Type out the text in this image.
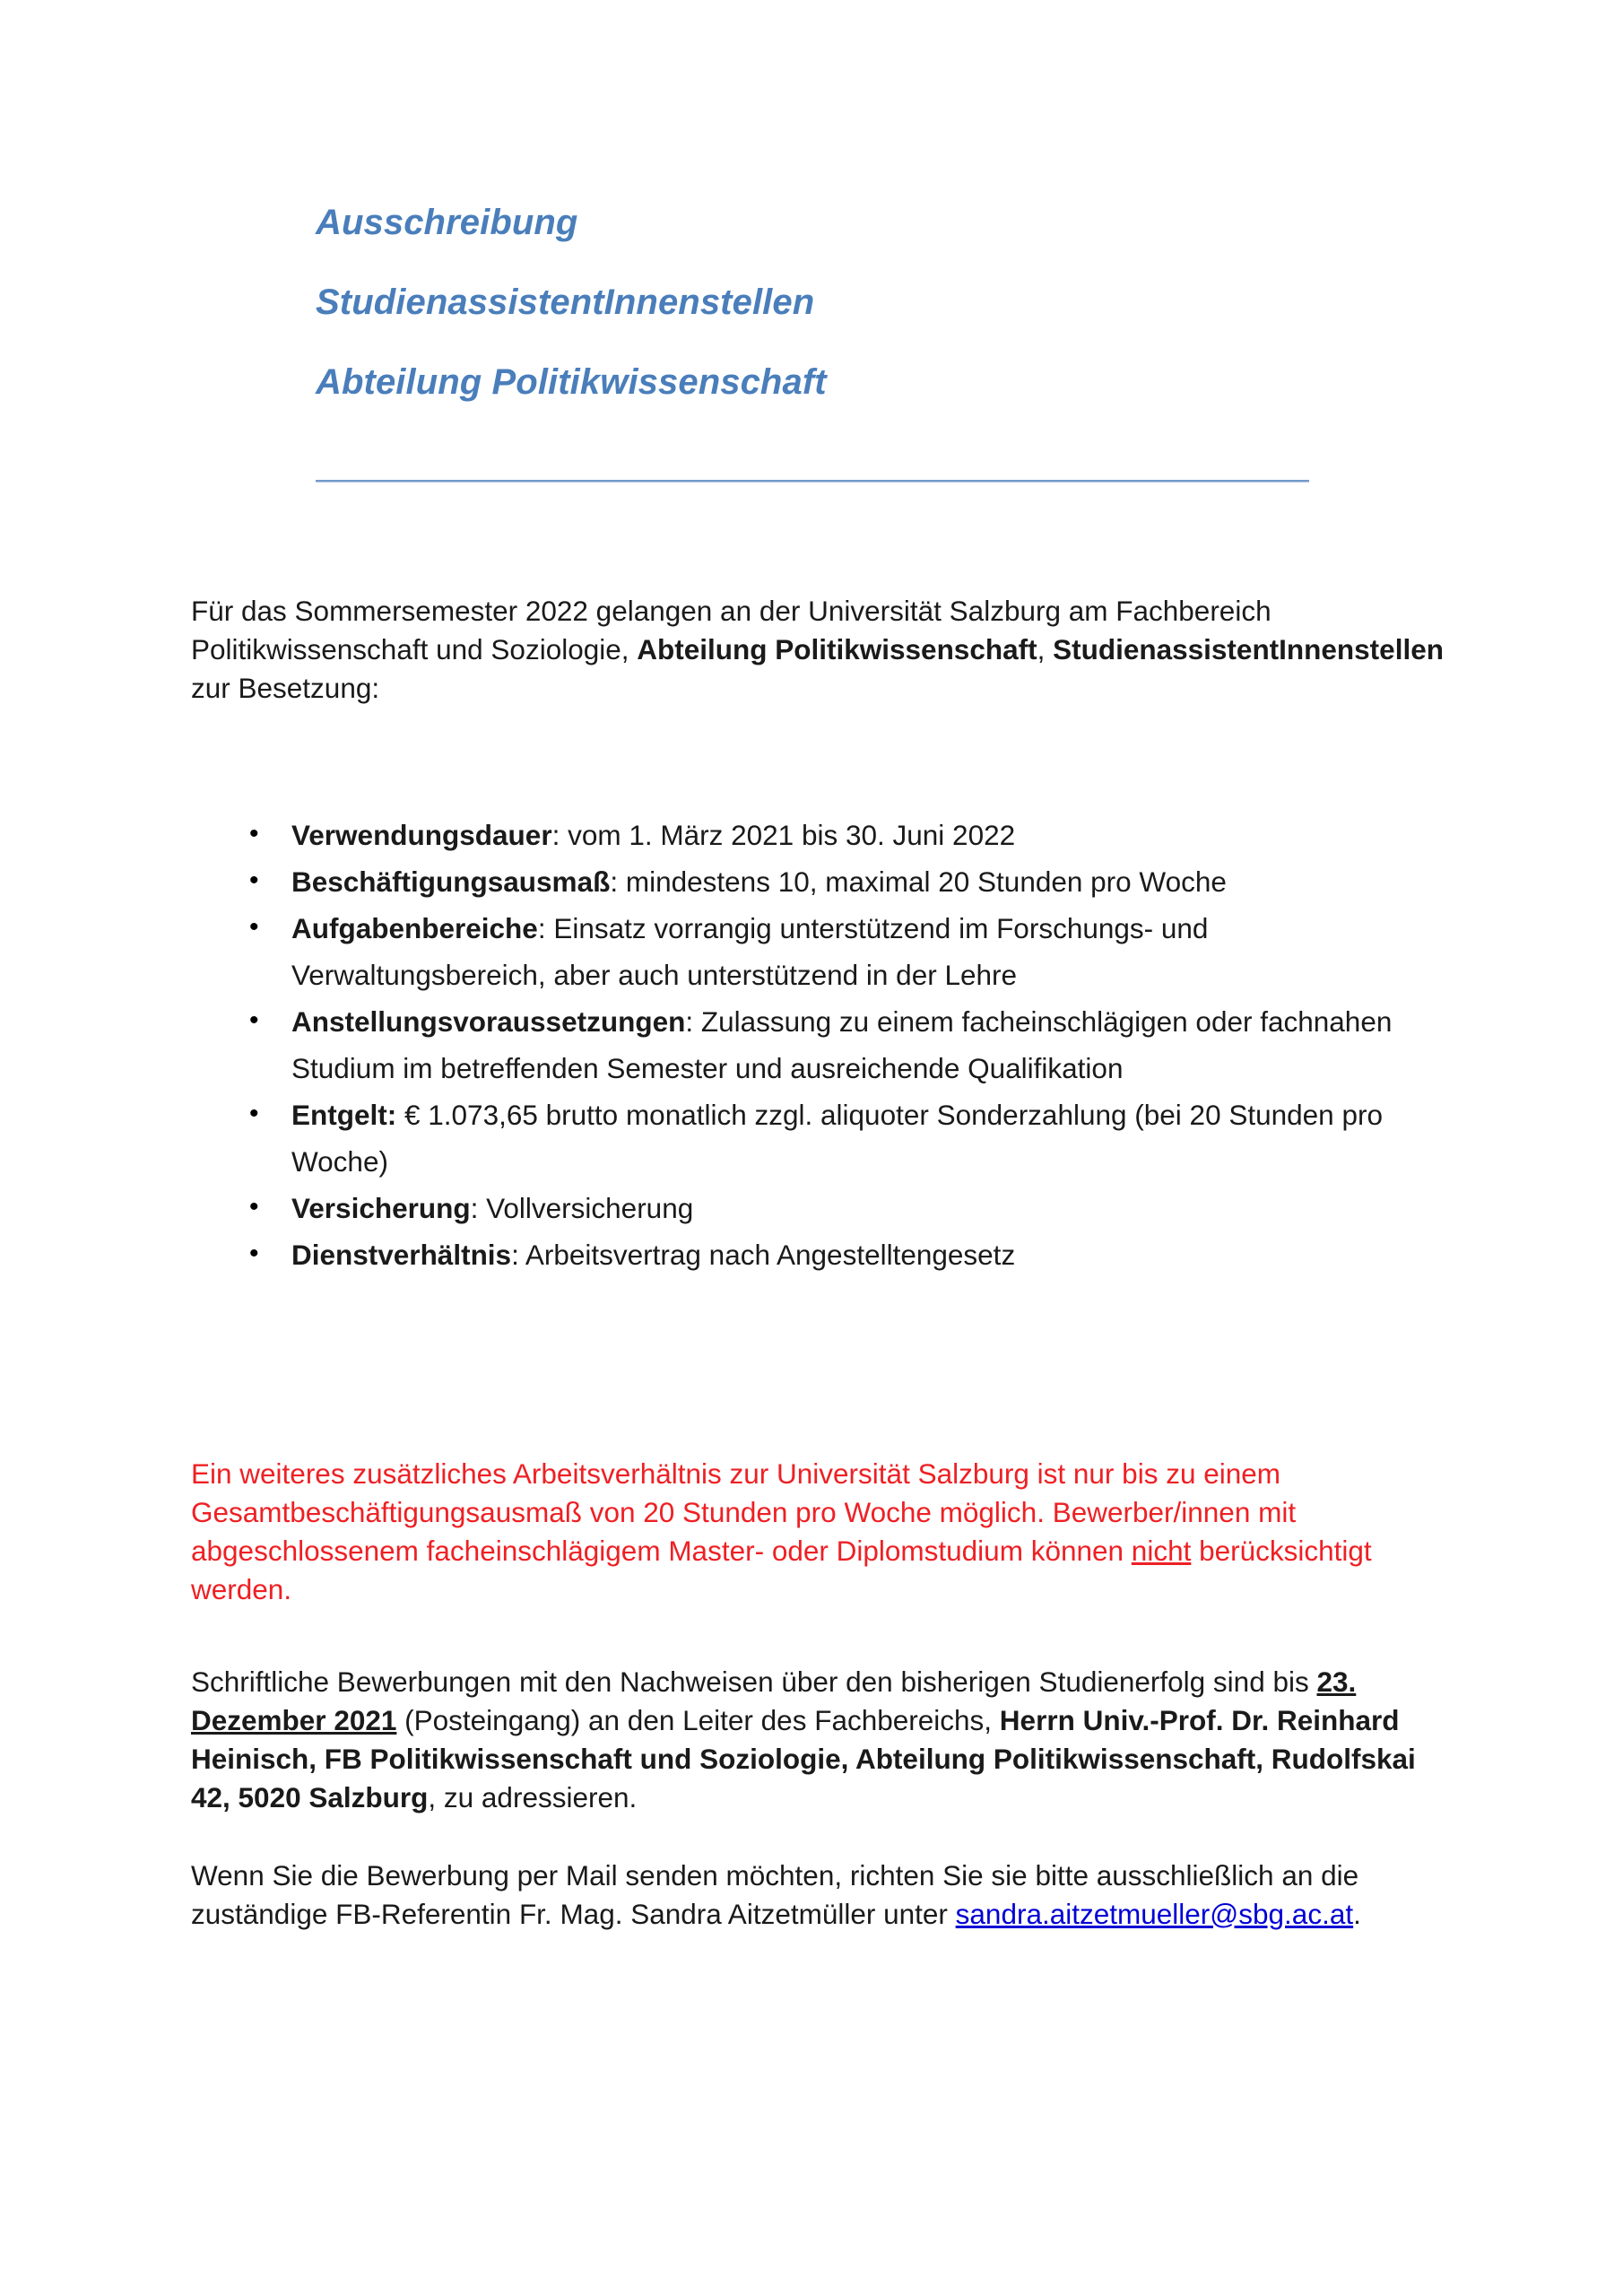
Ausschreibung
StudienassistentInnenstellen
Abteilung Politikwissenschaft

Für das Sommersemester 2022 gelangen an der Universität Salzburg am Fachbereich Politikwissenschaft und Soziologie, Abteilung Politikwissenschaft, StudienassistentInnenstellen zur Besetzung:

• Verwendungsdauer: vom 1. März 2021 bis 30. Juni 2022
• Beschäftigungsausmaß: mindestens 10, maximal 20 Stunden pro Woche
• Aufgabenbereiche: Einsatz vorrangig unterstützend im Forschungs- und Verwaltungsbereich, aber auch unterstützend in der Lehre
• Anstellungsvoraussetzungen: Zulassung zu einem facheinschlägigen oder fachnahen Studium im betreffenden Semester und ausreichende Qualifikation
• Entgelt: € 1.073,65 brutto monatlich zzgl. aliquoter Sonderzahlung (bei 20 Stunden pro Woche)
• Versicherung: Vollversicherung
• Dienstverhältnis: Arbeitsvertrag nach Angestelltengesetz

Ein weiteres zusätzliches Arbeitsverhältnis zur Universität Salzburg ist nur bis zu einem Gesamtbeschäftigungsausmaß von 20 Stunden pro Woche möglich. Bewerber/innen mit abgeschlossenem facheinschlägigem Master- oder Diplomstudium können nicht berücksichtigt werden.

Schriftliche Bewerbungen mit den Nachweisen über den bisherigen Studienerfolg sind bis 23. Dezember 2021 (Posteingang) an den Leiter des Fachbereichs, Herrn Univ.-Prof. Dr. Reinhard Heinisch, FB Politikwissenschaft und Soziologie, Abteilung Politikwissenschaft, Rudolfskai 42, 5020 Salzburg, zu adressieren.

Wenn Sie die Bewerbung per Mail senden möchten, richten Sie sie bitte ausschließlich an die zuständige FB-Referentin Fr. Mag. Sandra Aitzetmüller unter sandra.aitzetmueller@sbg.ac.at.
